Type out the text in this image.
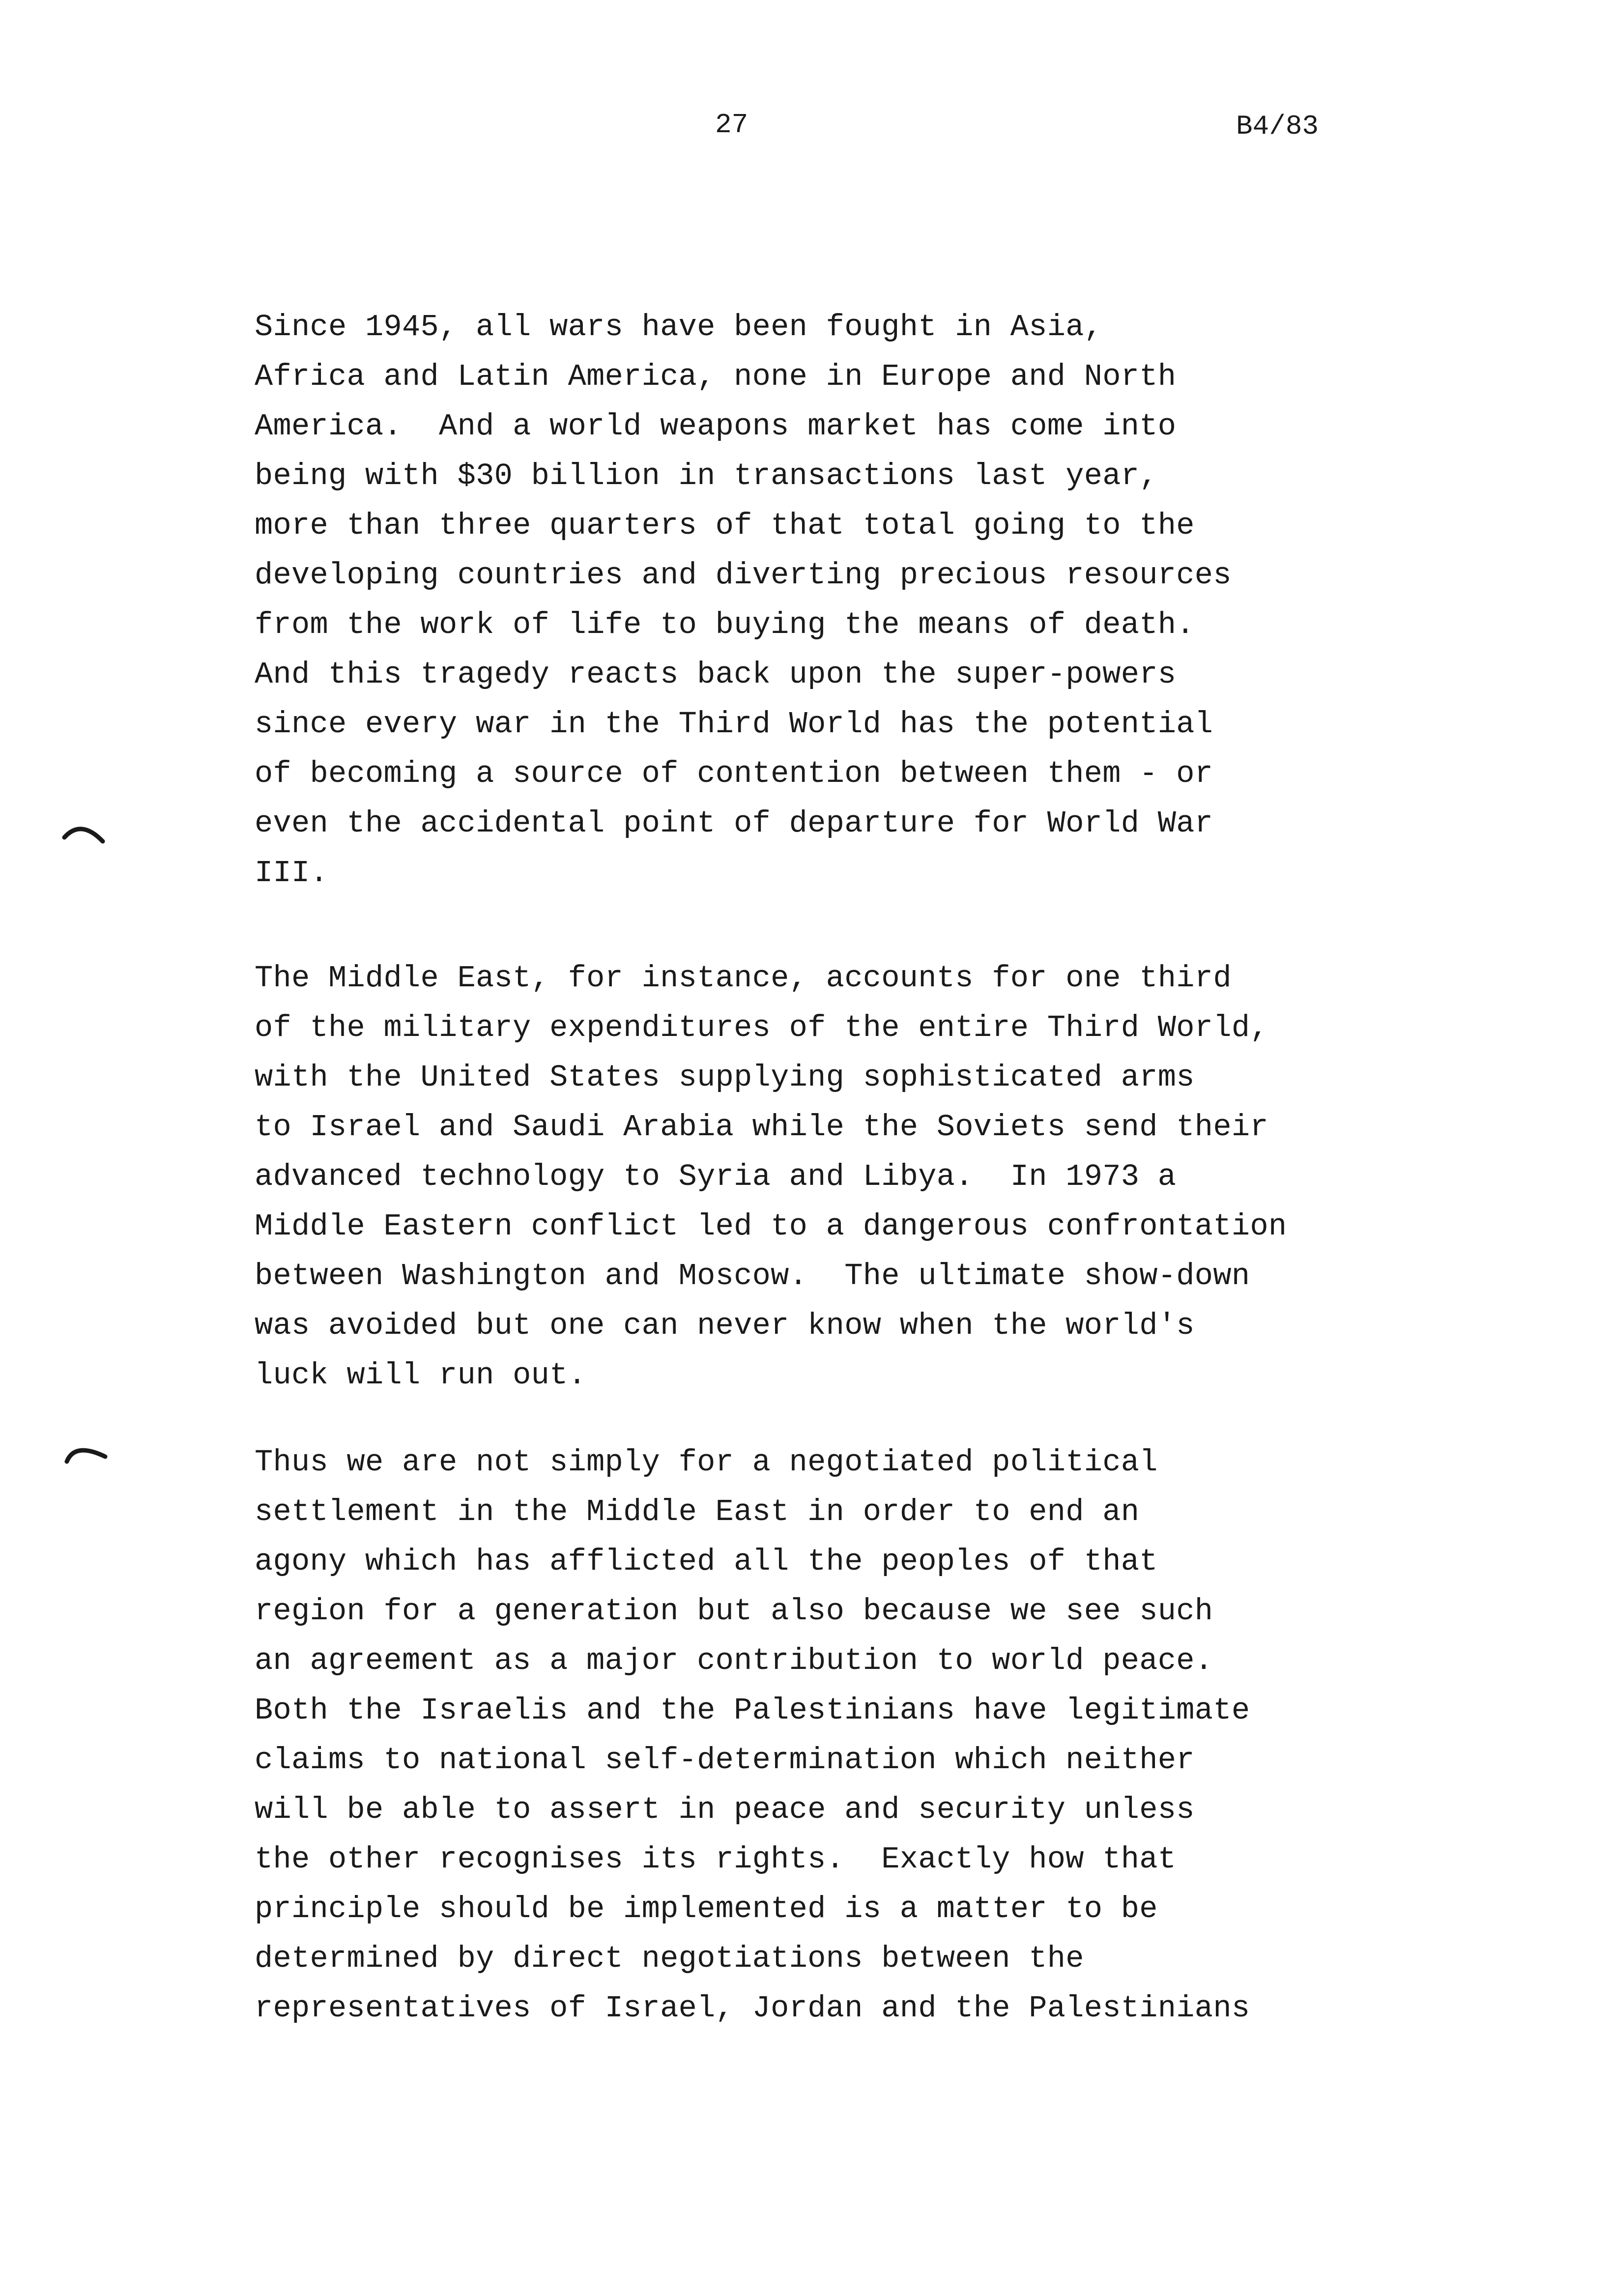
27	B4/83
Since 1945, all wars have been fought in Asia,
Africa and Latin America, none in Europe and North
America.  And a world weapons market has come into
being with $30 billion in transactions last year,
more than three quarters of that total going to the
developing countries and diverting precious resources
from the work of life to buying the means of death.
And this tragedy reacts back upon the super-powers
since every war in the Third World has the potential
of becoming a source of contention between them - or
even the accidental point of departure for World War
III.
The Middle East, for instance, accounts for one third
of the military expenditures of the entire Third World,
with the United States supplying sophisticated arms
to Israel and Saudi Arabia while the Soviets send their
advanced technology to Syria and Libya.  In 1973 a
Middle Eastern conflict led to a dangerous confrontation
between Washington and Moscow.  The ultimate show-down
was avoided but one can never know when the world's
luck will run out.
Thus we are not simply for a negotiated political
settlement in the Middle East in order to end an
agony which has afflicted all the peoples of that
region for a generation but also because we see such
an agreement as a major contribution to world peace.
Both the Israelis and the Palestinians have legitimate
claims to national self-determination which neither
will be able to assert in peace and security unless
the other recognises its rights.  Exactly how that
principle should be implemented is a matter to be
determined by direct negotiations between the
representatives of Israel, Jordan and the Palestinians
